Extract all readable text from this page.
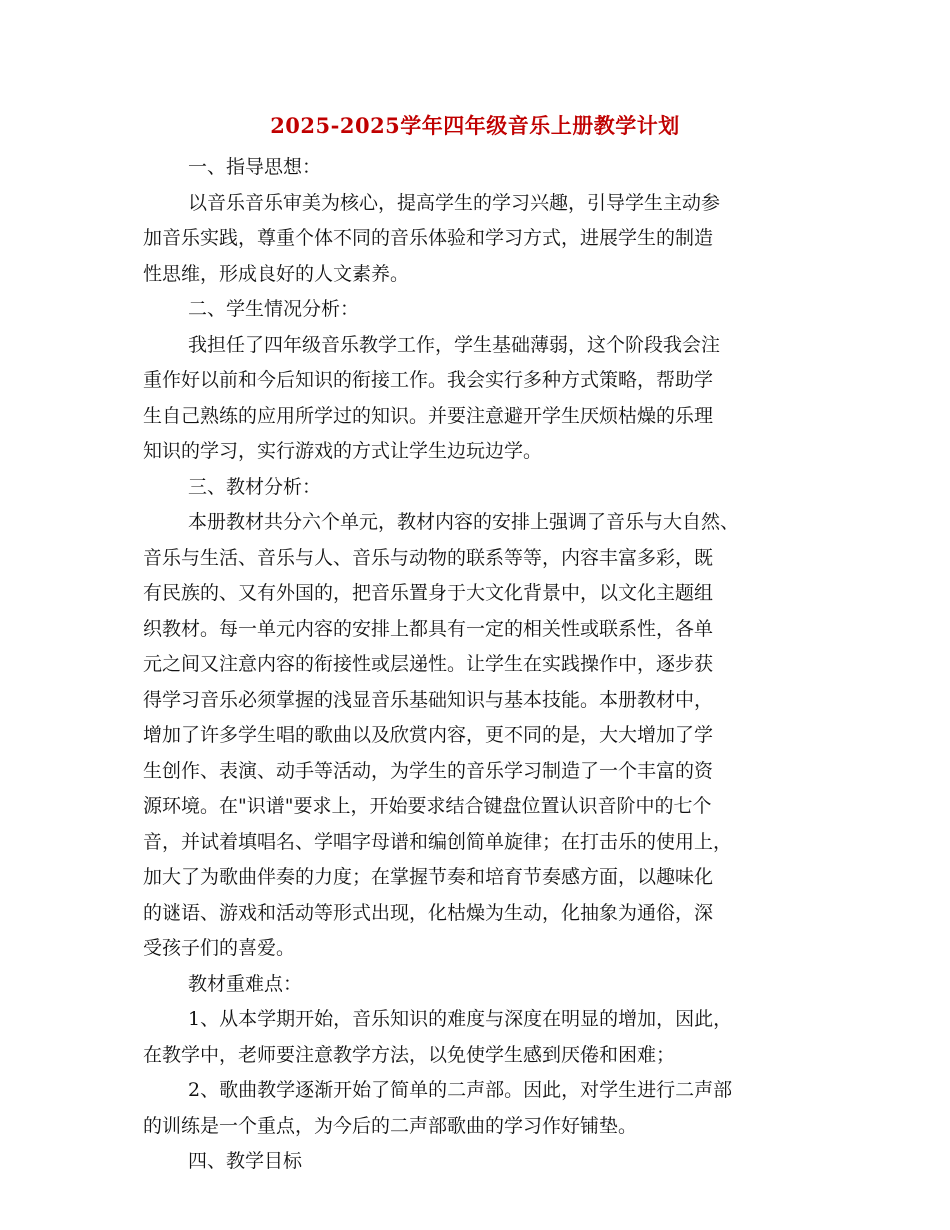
2025-2025学年四年级音乐上册教学计划
一、指导思想：
以音乐音乐审美为核心，提高学生的学习兴趣，引导学生主动参
加音乐实践，尊重个体不同的音乐体验和学习方式，进展学生的制造
性思维，形成良好的人文素养。
二、学生情况分析：
我担任了四年级音乐教学工作，学生基础薄弱，这个阶段我会注
重作好以前和今后知识的衔接工作。我会实行多种方式策略，帮助学
生自己熟练的应用所学过的知识。并要注意避开学生厌烦枯燥的乐理
知识的学习，实行游戏的方式让学生边玩边学。
三、教材分析：
本册教材共分六个单元，教材内容的安排上强调了音乐与大自然、
音乐与生活、音乐与人、音乐与动物的联系等等，内容丰富多彩，既
有民族的、又有外国的，把音乐置身于大文化背景中，以文化主题组
织教材。每一单元内容的安排上都具有一定的相关性或联系性，各单
元之间又注意内容的衔接性或层递性。让学生在实践操作中，逐步获
得学习音乐必须掌握的浅显音乐基础知识与基本技能。本册教材中，
增加了许多学生唱的歌曲以及欣赏内容，更不同的是，大大增加了学
生创作、表演、动手等活动，为学生的音乐学习制造了一个丰富的资
源环境。在"识谱"要求上，开始要求结合键盘位置认识音阶中的七个
音，并试着填唱名、学唱字母谱和编创简单旋律；在打击乐的使用上，
加大了为歌曲伴奏的力度；在掌握节奏和培育节奏感方面，以趣味化
的谜语、游戏和活动等形式出现，化枯燥为生动，化抽象为通俗，深
受孩子们的喜爱。
教材重难点：
1、从本学期开始，音乐知识的难度与深度在明显的增加，因此，
在教学中，老师要注意教学方法，以免使学生感到厌倦和困难；
2、歌曲教学逐渐开始了简单的二声部。因此，对学生进行二声部
的训练是一个重点，为今后的二声部歌曲的学习作好铺垫。
四、教学目标
